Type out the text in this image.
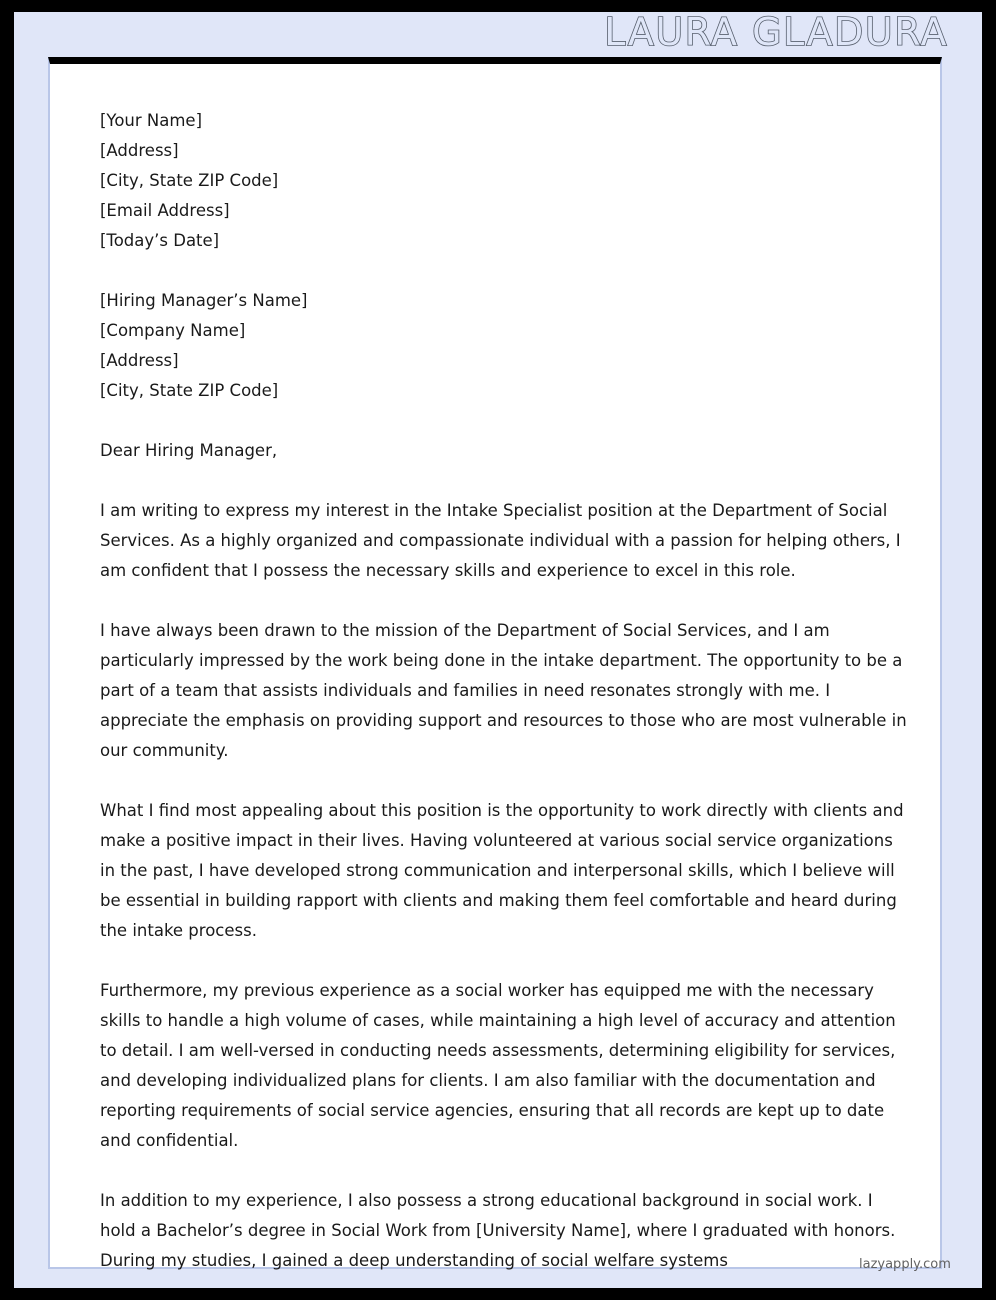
LAURA GLADURA
[Your Name]
[Address]
[City, State ZIP Code]
[Email Address]
[Today’s Date]
[Hiring Manager’s Name]
[Company Name]
[Address]
[City, State ZIP Code]
Dear Hiring Manager,

I am writing to express my interest in the Intake Specialist position at the Department of Social Services. As a highly organized and compassionate individual with a passion for helping others, I am confident that I possess the necessary skills and experience to excel in this role.

I have always been drawn to the mission of the Department of Social Services, and I am particularly impressed by the work being done in the intake department. The opportunity to be a part of a team that assists individuals and families in need resonates strongly with me. I appreciate the emphasis on providing support and resources to those who are most vulnerable in our community.

What I find most appealing about this position is the opportunity to work directly with clients and make a positive impact in their lives. Having volunteered at various social service organizations in the past, I have developed strong communication and interpersonal skills, which I believe will be essential in building rapport with clients and making them feel comfortable and heard during the intake process.

Furthermore, my previous experience as a social worker has equipped me with the necessary skills to handle a high volume of cases, while maintaining a high level of accuracy and attention to detail. I am well-versed in conducting needs assessments, determining eligibility for services, and developing individualized plans for clients. I am also familiar with the documentation and reporting requirements of social service agencies, ensuring that all records are kept up to date and confidential.

In addition to my experience, I also possess a strong educational background in social work. I hold a Bachelor’s degree in Social Work from [University Name], where I graduated with honors. During my studies, I gained a deep understanding of social welfare systems	lazyapply.com
